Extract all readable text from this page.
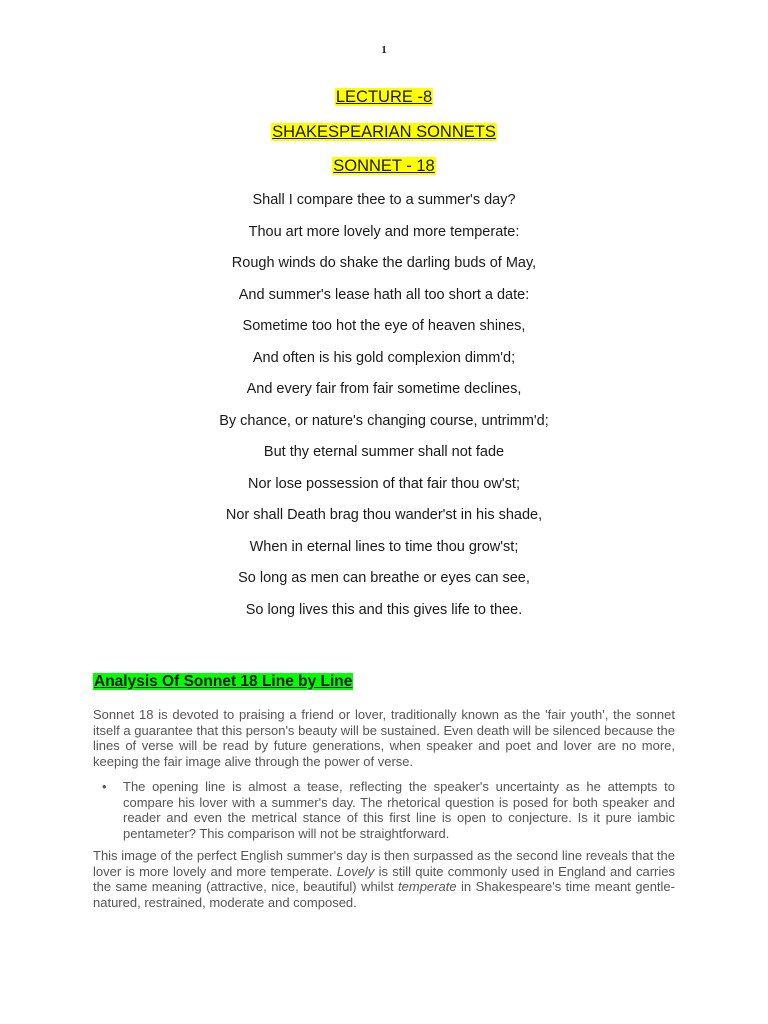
1
LECTURE -8
SHAKESPEARIAN SONNETS
SONNET - 18
Shall I compare thee to a summer's day?
Thou art more lovely and more temperate:
Rough winds do shake the darling buds of May,
And summer's lease hath all too short a date:
Sometime too hot the eye of heaven shines,
And often is his gold complexion dimm'd;
And every fair from fair sometime declines,
By chance, or nature's changing course, untrimm'd;
But thy eternal summer shall not fade
Nor lose possession of that fair thou ow'st;
Nor shall Death brag thou wander'st in his shade,
When in eternal lines to time thou grow'st;
So long as men can breathe or eyes can see,
So long lives this and this gives life to thee.
Analysis Of Sonnet 18 Line by Line

Sonnet 18 is devoted to praising a friend or lover, traditionally known as the 'fair youth', the sonnet itself a guarantee that this person's beauty will be sustained. Even death will be silenced because the lines of verse will be read by future generations, when speaker and poet and lover are no more, keeping the fair image alive through the power of verse.

• The opening line is almost a tease, reflecting the speaker's uncertainty as he attempts to compare his lover with a summer's day. The rhetorical question is posed for both speaker and reader and even the metrical stance of this first line is open to conjecture. Is it pure iambic pentameter? This comparison will not be straightforward.

This image of the perfect English summer's day is then surpassed as the second line reveals that the lover is more lovely and more temperate. Lovely is still quite commonly used in England and carries the same meaning (attractive, nice, beautiful) whilst temperate in Shakespeare's time meant gentle-natured, restrained, moderate and composed.
